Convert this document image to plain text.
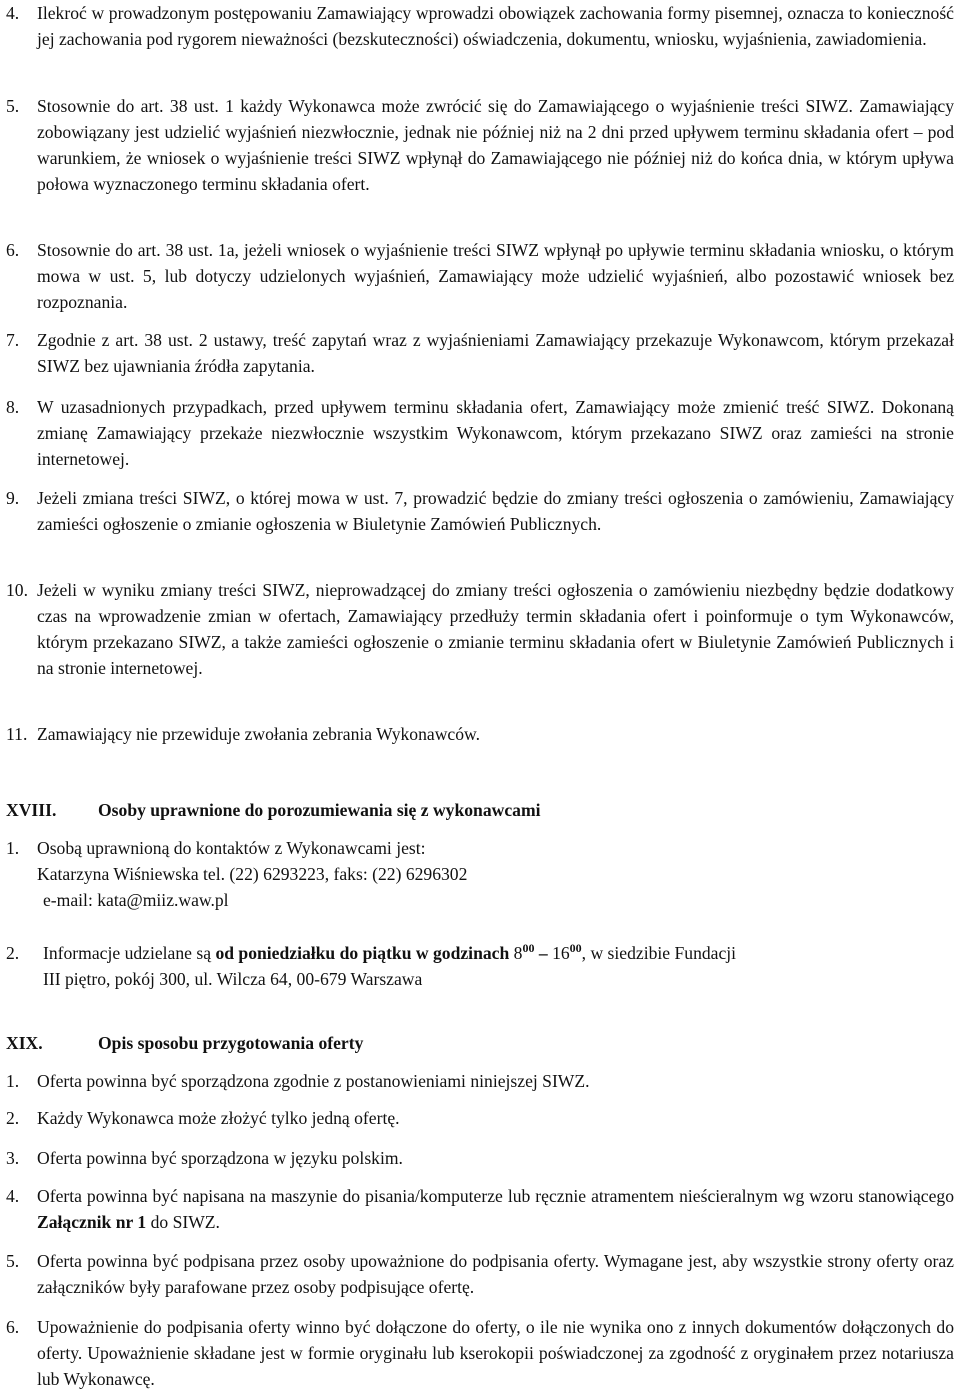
4. Ilekroć w prowadzonym postępowaniu Zamawiający wprowadzi obowiązek zachowania formy pisemnej, oznacza to konieczność jej zachowania pod rygorem nieważności (bezskuteczności) oświadczenia, dokumentu, wniosku, wyjaśnienia, zawiadomienia.
5. Stosownie do art. 38 ust. 1 każdy Wykonawca może zwrócić się do Zamawiającego o wyjaśnienie treści SIWZ. Zamawiający zobowiązany jest udzielić wyjaśnień niezwłocznie, jednak nie później niż na 2 dni przed upływem terminu składania ofert – pod warunkiem, że wniosek o wyjaśnienie treści SIWZ wpłynął do Zamawiającego nie później niż do końca dnia, w którym upływa połowa wyznaczonego terminu składania ofert.
6. Stosownie do art. 38 ust. 1a, jeżeli wniosek o wyjaśnienie treści SIWZ wpłynął po upływie terminu składania wniosku, o którym mowa w ust. 5, lub dotyczy udzielonych wyjaśnień, Zamawiający może udzielić wyjaśnień, albo pozostawić wniosek bez rozpoznania.
7. Zgodnie z art. 38 ust. 2 ustawy, treść zapytań wraz z wyjaśnieniami Zamawiający przekazuje Wykonawcom, którym przekazał SIWZ bez ujawniania źródła zapytania.
8. W uzasadnionych przypadkach, przed upływem terminu składania ofert, Zamawiający może zmienić treść SIWZ. Dokonaną zmianę Zamawiający przekaże niezwłocznie wszystkim Wykonawcom, którym przekazano SIWZ oraz zamieści na stronie internetowej.
9. Jeżeli zmiana treści SIWZ, o której mowa w ust. 7, prowadzić będzie do zmiany treści ogłoszenia o zamówieniu, Zamawiający zamieści ogłoszenie o zmianie ogłoszenia w Biuletynie Zamówień Publicznych.
10. Jeżeli w wyniku zmiany treści SIWZ, nieprowadzącej do zmiany treści ogłoszenia o zamówieniu niezbędny będzie dodatkowy czas na wprowadzenie zmian w ofertach, Zamawiający przedłuży termin składania ofert i poinformuje o tym Wykonawców, którym przekazano SIWZ, a także zamieści ogłoszenie o zmianie terminu składania ofert w Biuletynie Zamówień Publicznych i na stronie internetowej.
11. Zamawiający nie przewiduje zwołania zebrania Wykonawców.
XVIII. Osoby uprawnione do porozumiewania się z wykonawcami
1. Osobą uprawnioną do kontaktów z Wykonawcami jest:
Katarzyna Wiśniewska tel. (22) 6293223, faks: (22) 6296302
e-mail: kata@miiz.waw.pl
2. Informacje udzielane są od poniedziałku do piątku w godzinach $8^{00} - 16^{00}$, w siedzibie Fundacji
III piętro, pokój 300, ul. Wilcza 64, 00-679 Warszawa
XIX.	Opis sposobu przygotowania oferty
1. Oferta powinna być sporządzona zgodnie z postanowieniami niniejszej SIWZ.
2. Każdy Wykonawca może złożyć tylko jedną ofertę.
3. Oferta powinna być sporządzona w języku polskim.
4. Oferta powinna być napisana na maszynie do pisania/komputerze lub ręcznie atramentem nieścieralnym wg wzoru stanowiącego Załącznik nr 1 do SIWZ.
5. Oferta powinna być podpisana przez osoby upoważnione do podpisania oferty. Wymagane jest, aby wszystkie strony oferty oraz załączników były parafowane przez osoby podpisujące ofertę.
6. Upoważnienie do podpisania oferty winno być dołączone do oferty, o ile nie wynika ono z innych dokumentów dołączonych do oferty. Upoważnienie składane jest w formie oryginału lub kserokopii poświadczonej za zgodność z oryginałem przez notariusza lub Wykonawcę.
